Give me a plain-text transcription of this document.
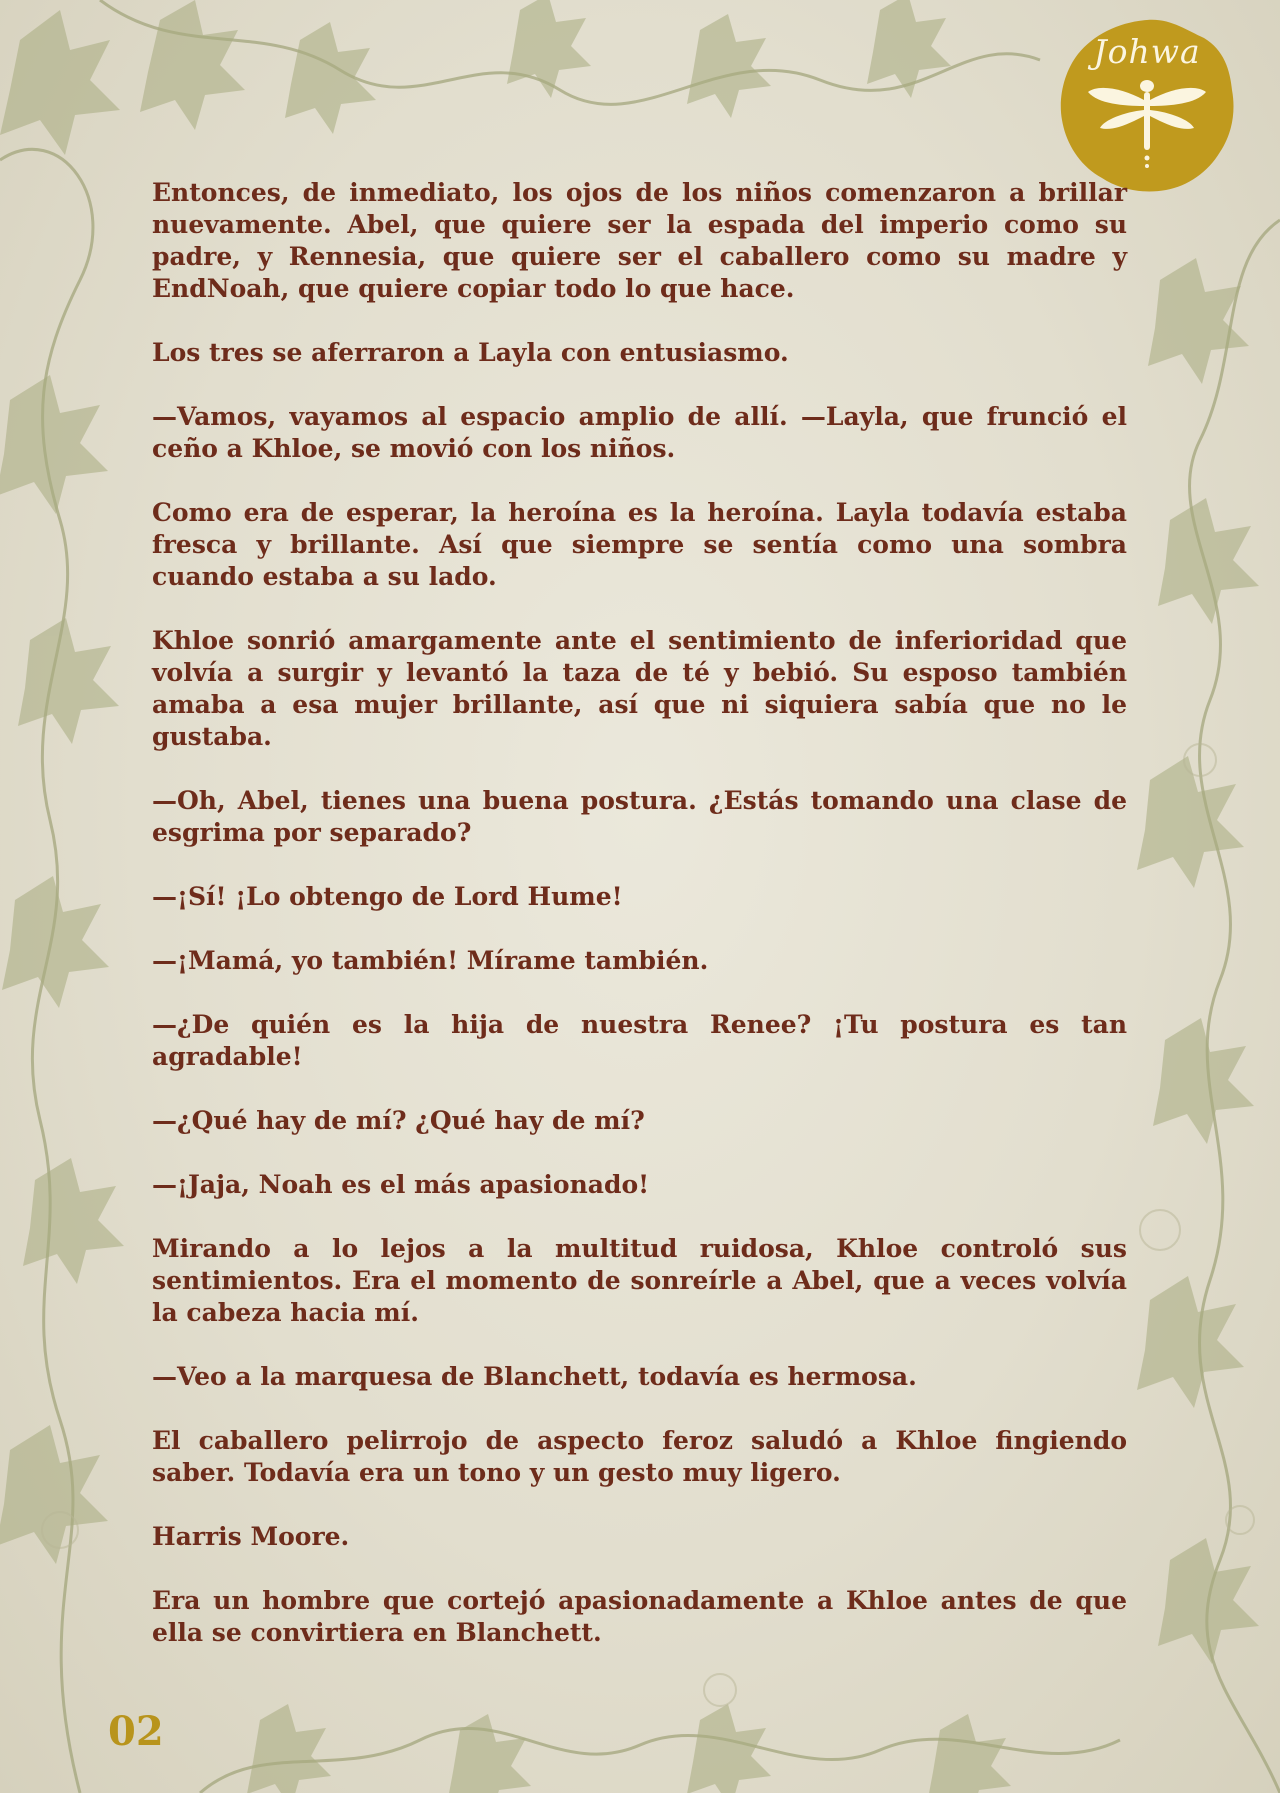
Johwa

Entonces, de inmediato, los ojos de los niños comenzaron a brillar nuevamente. Abel, que quiere ser la espada del imperio como su padre, y Rennesia, que quiere ser el caballero como su madre y EndNoah, que quiere copiar todo lo que hace.

Los tres se aferraron a Layla con entusiasmo.

—Vamos, vayamos al espacio amplio de allí. —Layla, que frunció el ceño a Khloe, se movió con los niños.

Como era de esperar, la heroína es la heroína. Layla todavía estaba fresca y brillante. Así que siempre se sentía como una sombra cuando estaba a su lado.

Khloe sonrió amargamente ante el sentimiento de inferioridad que volvía a surgir y levantó la taza de té y bebió. Su esposo también amaba a esa mujer brillante, así que ni siquiera sabía que no le gustaba.

—Oh, Abel, tienes una buena postura. ¿Estás tomando una clase de esgrima por separado?

—¡Sí! ¡Lo obtengo de Lord Hume!

—¡Mamá, yo también! Mírame también.

—¿De quién es la hija de nuestra Renee? ¡Tu postura es tan agradable!

—¿Qué hay de mí? ¿Qué hay de mí?

—¡Jaja, Noah es el más apasionado!

Mirando a lo lejos a la multitud ruidosa, Khloe controló sus sentimientos. Era el momento de sonreírle a Abel, que a veces volvía la cabeza hacia mí.

—Veo a la marquesa de Blanchett, todavía es hermosa.

El caballero pelirrojo de aspecto feroz saludó a Khloe fingiendo saber. Todavía era un tono y un gesto muy ligero.

Harris Moore.

Era un hombre que cortejó apasionadamente a Khloe antes de que ella se convirtiera en Blanchett.

02
